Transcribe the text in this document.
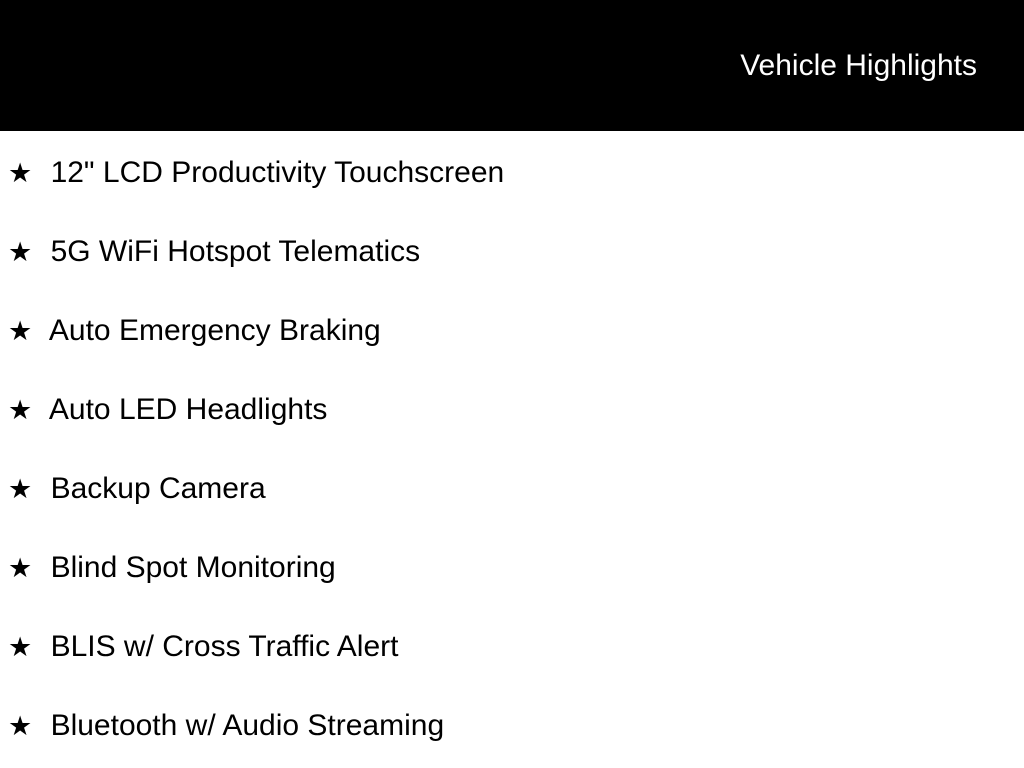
Vehicle Highlights
★ 12" LCD Productivity Touchscreen
★ 5G WiFi Hotspot Telematics
★ Auto Emergency Braking
★ Auto LED Headlights
★ Backup Camera
★ Blind Spot Monitoring
★ BLIS w/ Cross Traffic Alert
★ Bluetooth w/ Audio Streaming
